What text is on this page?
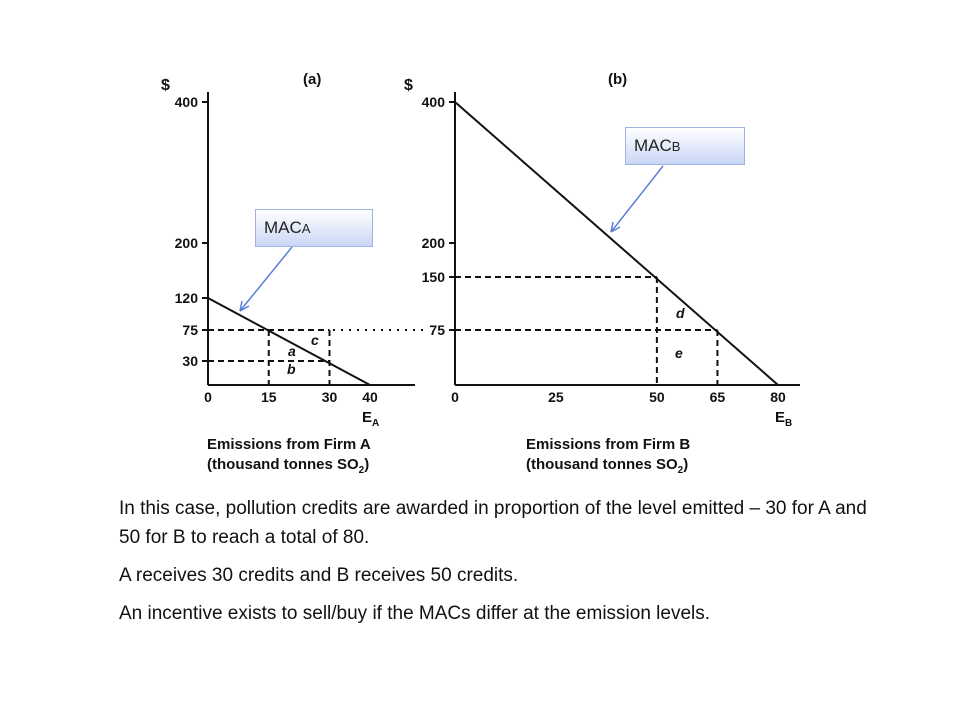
(a)
$
30
75
120
200
400
0	15	30 40
a
b
c
$E_A$
Emissions from Firm A
(thousand tonnes $SO_2$)
(b)
$
75
150
200
400
0	25	50	65	80
d
e
$E_B$
Emissions from Firm B
(thousand tonnes $SO_2$)
MAC A
MAC B

In this case, pollution credits are awarded in proportion of the level emitted – 30 for A and 50 for B to reach a total of 80.

A receives 30 credits and B receives 50 credits.

An incentive exists to sell/buy if the MACs differ at the emission levels.
